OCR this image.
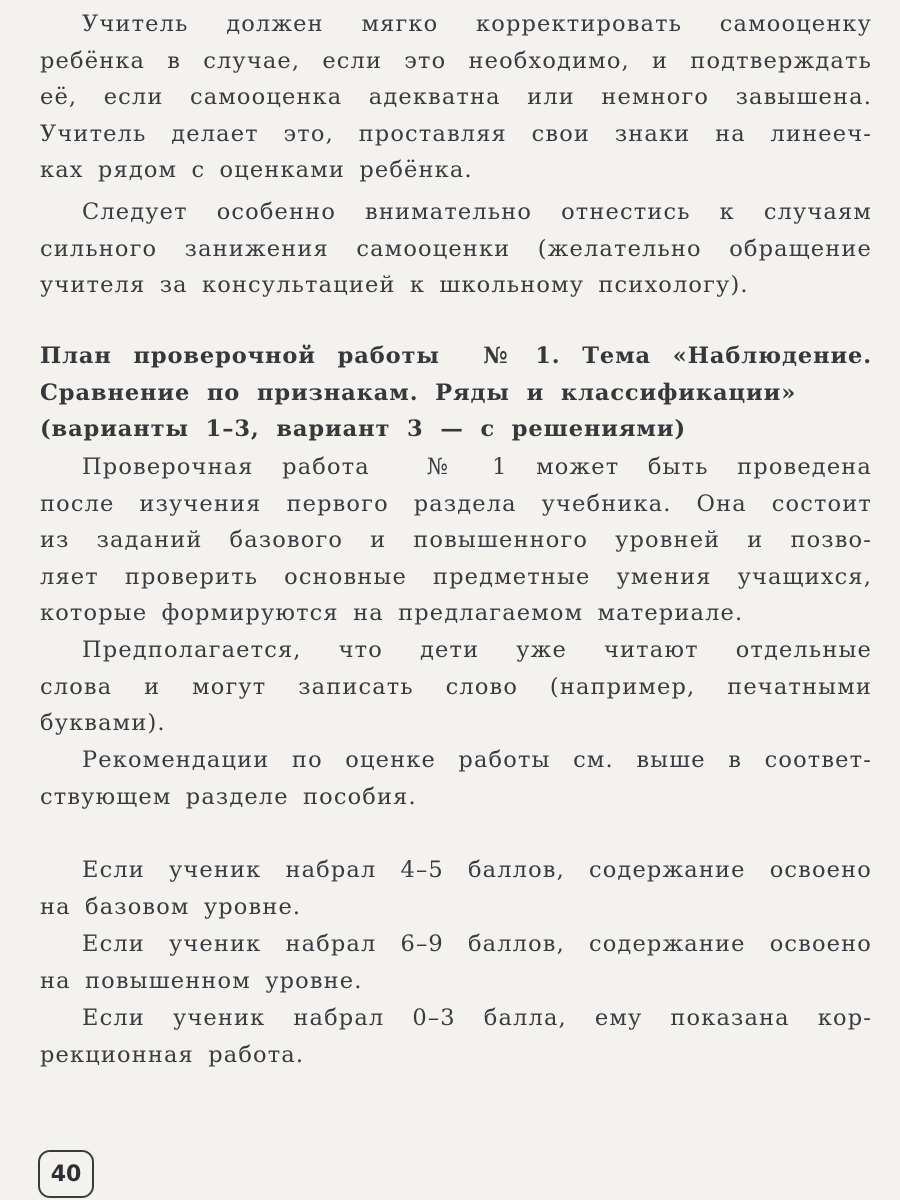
Учитель должен мягко корректировать самооценку
ребёнка в случае, если это необходимо, и подтверждать
её, если самооценка адекватна или немного завышена.
Учитель делает это, проставляя свои знаки на линееч-
ках рядом с оценками ребёнка.

Следует особенно внимательно отнестись к случаям
сильного занижения самооценки (желательно обращение
учителя за консультацией к школьному психологу).

План проверочной работы  № 1. Тема «Наблюдение.
Сравнение по признакам. Ряды и классификации»
(варианты 1–3, вариант 3 — с решениями)

Проверочная работа  № 1 может быть проведена
после изучения первого раздела учебника. Она состоит
из заданий базового и повышенного уровней и позво-
ляет проверить основные предметные умения учащихся,
которые формируются на предлагаемом материале.

Предполагается, что дети уже читают отдельные
слова и могут записать слово (например, печатными
буквами).

Рекомендации по оценке работы см. выше в соответ-
ствующем разделе пособия.

Если ученик набрал 4–5 баллов, содержание освоено
на базовом уровне.

Если ученик набрал 6–9 баллов, содержание освоено
на повышенном уровне.

Если ученик набрал 0–3 балла, ему показана кор-
рекционная работа.

40
